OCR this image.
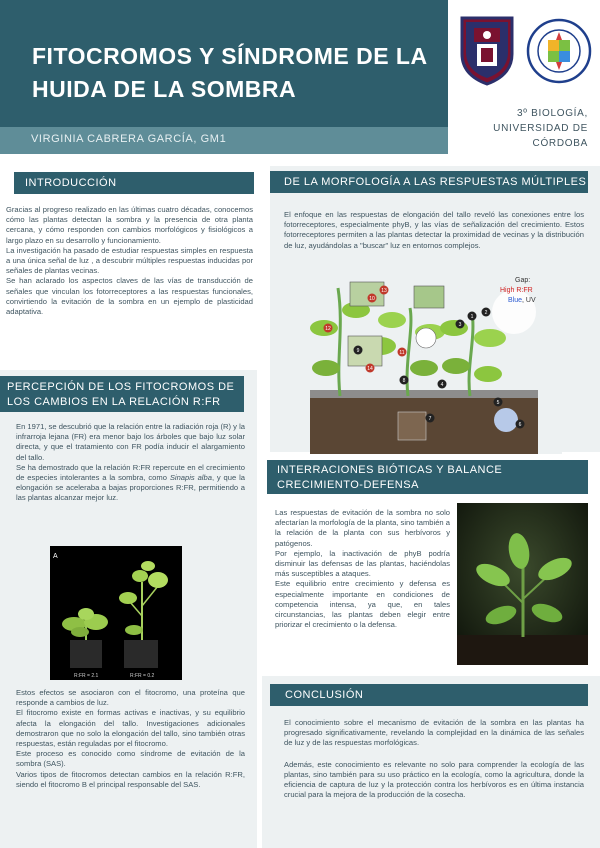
FITOCROMOS Y SÍNDROME DE LA HUIDA DE LA SOMBRA
VIRGINIA CABRERA GARCÍA, GM1
3º BIOLOGÍA,
UNIVERSIDAD DE
CÓRDOBA
INTRODUCCIÓN

Gracias al progreso realizado en las últimas cuatro décadas, conocemos cómo las plantas detectan la sombra y la presencia de otra planta cercana, y cómo responden con cambios morfológicos y fisiológicos a largo plazo en su desarrollo y funcionamiento.

La investigación ha pasado de estudiar respuestas simples en respuesta a una única señal de luz , a descubrir múltiples respuestas inducidas por señales de plantas vecinas.

Se han aclarado los aspectos claves de las vías de transducción de señales que vinculan los fotorreceptores a las respuestas funcionales, convirtiendo la evitación de la sombra en un ejemplo de plasticidad adaptativa.

PERCEPCIÓN DE LOS FITOCROMOS DE
LOS CAMBIOS EN LA RELACIÓN R:FR

En 1971, se descubrió que la relación entre la radiación roja (R) y la infrarroja lejana (FR) era menor bajo los árboles que bajo luz solar directa, y que el tratamiento con FR podía inducir el alargamiento del tallo.

Se ha demostrado que la relación R:FR repercute en el crecimiento de especies intolerantes a la sombra, como Sinapis alba, y que la elongación se aceleraba a bajas proporciones R:FR, permitiendo a las plantas alcanzar mejor luz.

A
R:FR = 2.1	R:FR = 0.2

Estos efectos se asociaron con el fitocromo, una proteína que responde a cambios de luz.

El fitocromo existe en formas activas e inactivas, y su equilibrio afecta la elongación del tallo. Investigaciones adicionales demostraron que no solo la elongación del tallo, sino también otras respuestas, están reguladas por el fitocromo.

Este proceso es conocido como síndrome de evitación de la sombra (SAS).

Varios tipos de fitocromos detectan cambios en la relación R:FR, siendo el fitocromo B el principal responsable del SAS.

DE LA MORFOLOGÍA A LAS RESPUESTAS MÚLTIPLES

El enfoque en las respuestas de elongación del tallo reveló las conexiones entre los fotorreceptores, especialmente phyB, y las vías de señalización del crecimiento. Estos fotorreceptores permiten a las plantas detectar la proximidad de vecinas y la distribución de luz, ayudándolas a "buscar" luz en entornos complejos.

Gap:
High R:FR
Blue, UV
1
2
3
4
5
6
7
8
9
10
11
12
13
14
INTERRACIONES BIÓTICAS Y BALANCE
CRECIMIENTO-DEFENSA

Las respuestas de evitación de la sombra no solo afectarían la morfología de la planta, sino también a la relación de la planta con sus herbívoros y patógenos.

Por ejemplo, la inactivación de phyB podría disminuir las defensas de las plantas, haciéndolas más susceptibles a ataques.

Este equilibrio entre crecimiento y defensa es especialmente importante en condiciones de competencia intensa, ya que, en tales circunstancias, las plantas deben elegir entre priorizar el crecimiento o la defensa.

CONCLUSIÓN

El conocimiento sobre el mecanismo de evitación de la sombra en las plantas ha progresado significativamente, revelando la complejidad en la dinámica de las señales de luz y de las respuestas morfológicas.

Además, este conocimiento es relevante no solo para comprender la ecología de las plantas, sino también para su uso práctico en la ecología, como la agricultura, donde la eficiencia de captura de luz y la protección contra los herbívoros es en última instancia crucial para la mejora de la producción de la cosecha.
